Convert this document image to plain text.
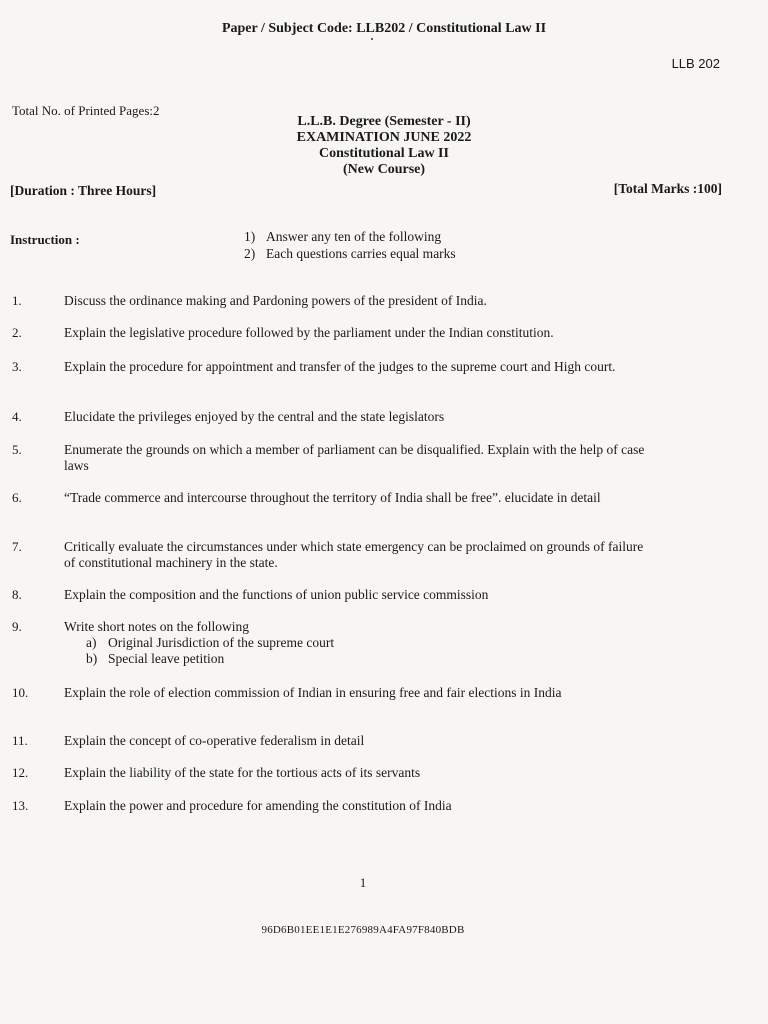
Paper / Subject Code: LLB202 / Constitutional Law II
LLB 202
Total No. of Printed Pages:2
L.L.B. Degree (Semester - II)
EXAMINATION JUNE 2022
Constitutional Law II
(New Course)
[Duration : Three Hours]	[Total Marks :100]
Instruction :	1) Answer any ten of the following
2) Each questions carries equal marks
1.	Discuss the ordinance making and Pardoning powers of the president of India.
2.	Explain the legislative procedure followed by the parliament under the Indian constitution.
3.	Explain the procedure for appointment and transfer of the judges to the supreme court and High court.
4.	Elucidate the privileges enjoyed by the central and the state legislators
5.	Enumerate the grounds on which a member of parliament can be disqualified. Explain with the help of case laws
6.	“Trade commerce and intercourse throughout the territory of India shall be free”. elucidate in detail
7.	Critically evaluate the circumstances under which state emergency can be proclaimed on grounds of failure of constitutional machinery in the state.
8.	Explain the composition and the functions of union public service commission
9.	Write short notes on the following
a) Original Jurisdiction of the supreme court
b) Special leave petition
10.	Explain the role of election commission of Indian in ensuring free and fair elections in India
11.	Explain the concept of co-operative federalism in detail
12.	Explain the liability of the state for the tortious acts of its servants
13.	Explain the power and procedure for amending the constitution of India
1
96D6B01EE1E1E276989A4FA97F840BDB
